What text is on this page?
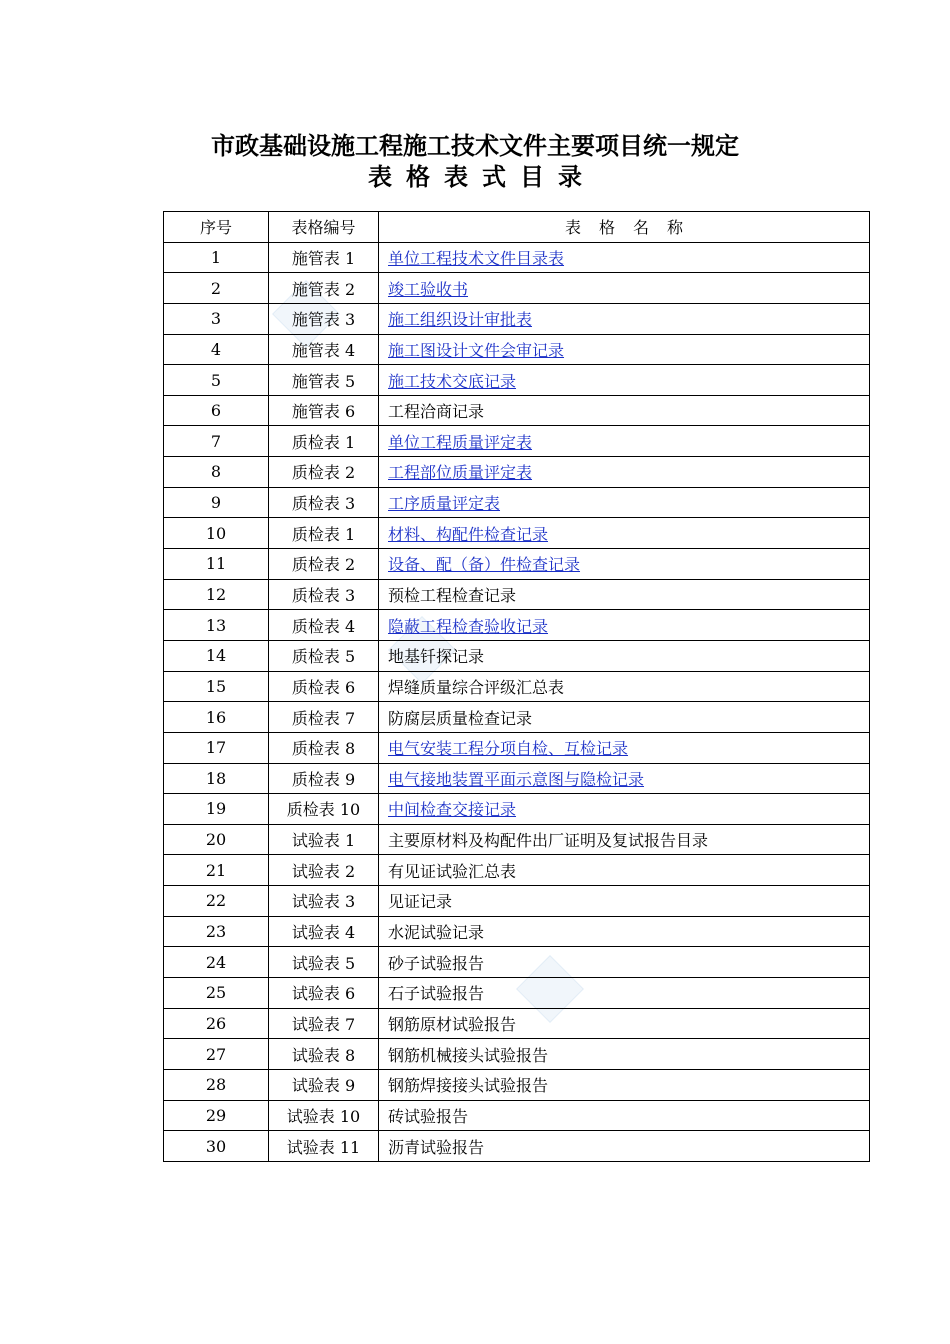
市政基础设施工程施工技术文件主要项目统一规定
表格表式目录
序号	表格编号	表格名称
1	施管表 1	单位工程技术文件目录表
2	施管表 2	竣工验收书
3	施管表 3	施工组织设计审批表
4	施管表 4	施工图设计文件会审记录
5	施管表 5	施工技术交底记录
6	施管表 6	工程洽商记录
7	质检表 1	单位工程质量评定表
8	质检表 2	工程部位质量评定表
9	质检表 3	工序质量评定表
10	质检表 1	材料、构配件检查记录
11	质检表 2	设备、配（备）件检查记录
12	质检表 3	预检工程检查记录
13	质检表 4	隐蔽工程检查验收记录
14	质检表 5	地基钎探记录
15	质检表 6	焊缝质量综合评级汇总表
16	质检表 7	防腐层质量检查记录
17	质检表 8	电气安装工程分项自检、互检记录
18	质检表 9	电气接地装置平面示意图与隐检记录
19	质检表 10	中间检查交接记录
20	试验表 1	主要原材料及构配件出厂证明及复试报告目录
21	试验表 2	有见证试验汇总表
22	试验表 3	见证记录
23	试验表 4	水泥试验记录
24	试验表 5	砂子试验报告
25	试验表 6	石子试验报告
26	试验表 7	钢筋原材试验报告
27	试验表 8	钢筋机械接头试验报告
28	试验表 9	钢筋焊接接头试验报告
29	试验表 10	砖试验报告
30	试验表 11	沥青试验报告
